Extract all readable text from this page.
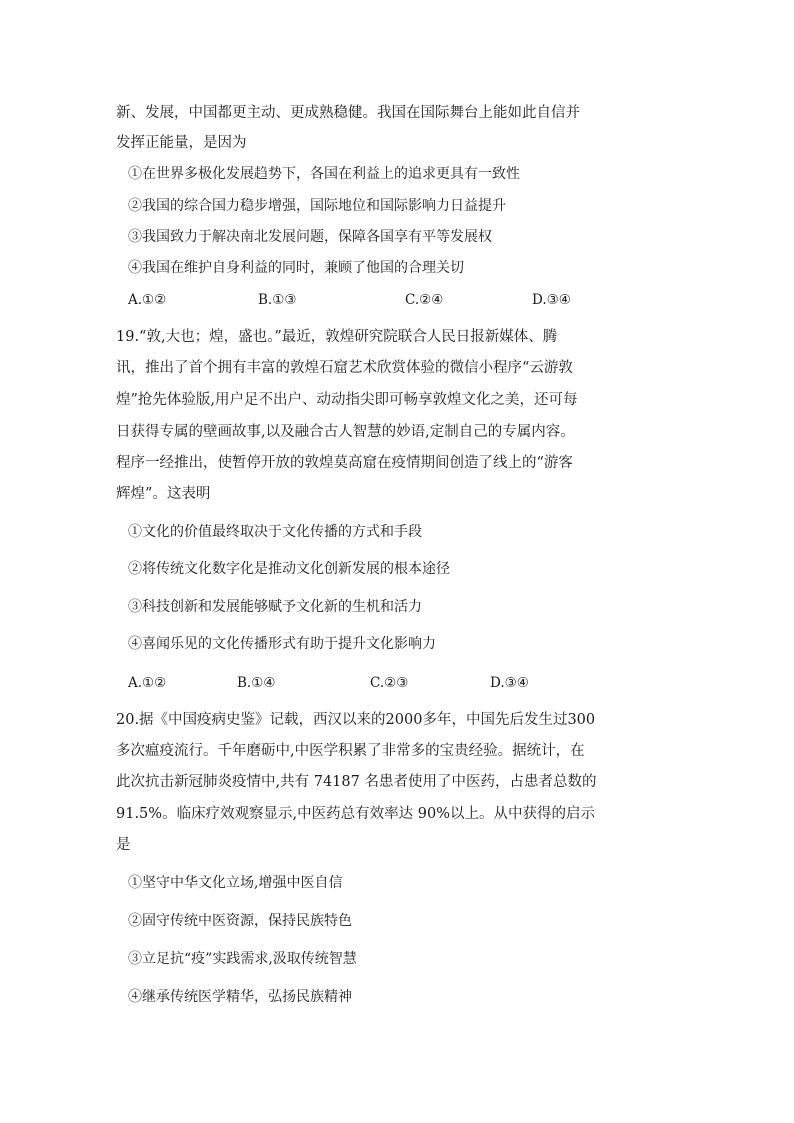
新、发展，中国都更主动、更成熟稳健。我国在国际舞台上能如此自信并
发挥正能量，是因为
①在世界多极化发展趋势下，各国在利益上的追求更具有一致性
②我国的综合国力稳步增强，国际地位和国际影响力日益提升
③我国致力于解决南北发展问题，保障各国享有平等发展权
④我国在维护自身利益的同时，兼顾了他国的合理关切
A.①②	B.①③	C.②④	D.③④
19.“敦,大也；煌，盛也。”最近，敦煌研究院联合人民日报新媒体、腾
讯，推出了首个拥有丰富的敦煌石窟艺术欣赏体验的微信小程序“云游敦
煌”抢先体验版,用户足不出户、动动指尖即可畅享敦煌文化之美，还可每
日获得专属的壁画故事,以及融合古人智慧的妙语,定制自己的专属内容。
程序一经推出，使暂停开放的敦煌莫高窟在疫情期间创造了线上的“游客
辉煌”。这表明
①文化的价值最终取决于文化传播的方式和手段
②将传统文化数字化是推动文化创新发展的根本途径
③科技创新和发展能够赋予文化新的生机和活力
④喜闻乐见的文化传播形式有助于提升文化影响力
A.①②	B.①④	C.②③	D.③④
20.据《中国疫病史鉴》记载，西汉以来的2000多年，中国先后发生过300
多次瘟疫流行。千年磨砺中,中医学积累了非常多的宝贵经验。据统计，在
此次抗击新冠肺炎疫情中,共有 74187 名患者使用了中医药，占患者总数的
91.5%。临床疗效观察显示,中医药总有效率达 90%以上。从中获得的启示
是
①坚守中华文化立场,增强中医自信
②固守传统中医资源，保持民族特色
③立足抗“疫”实践需求,汲取传统智慧
④继承传统医学精华，弘扬民族精神
